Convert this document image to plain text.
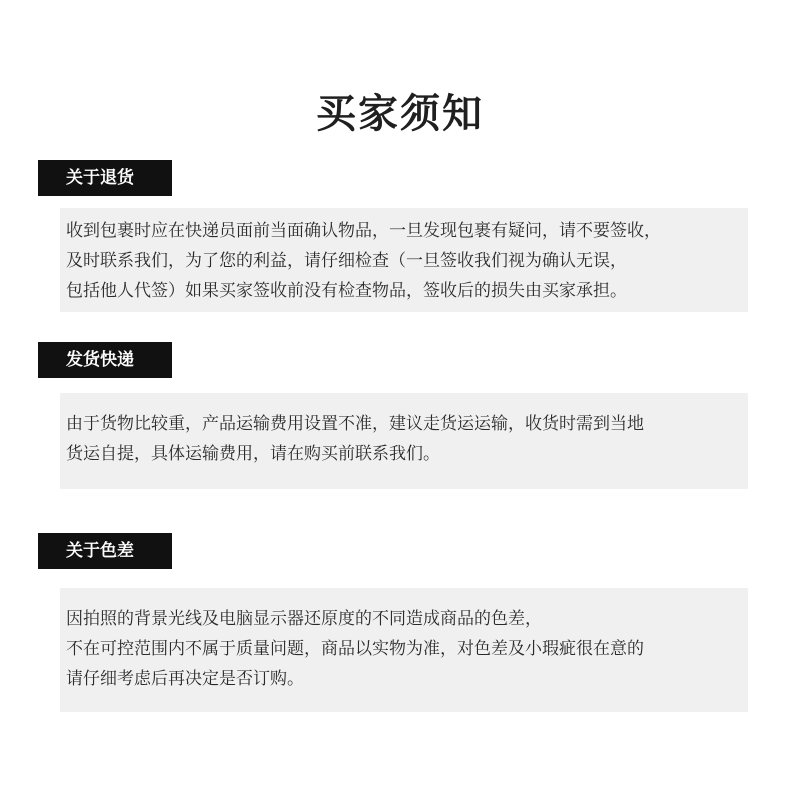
买家须知
关于退货
收到包裹时应在快递员面前当面确认物品，一旦发现包裹有疑问，请不要签收，
及时联系我们，为了您的利益，请仔细检查（一旦签收我们视为确认无误，
包括他人代签）如果买家签收前没有检查物品，签收后的损失由买家承担。
发货快递
由于货物比较重，产品运输费用设置不准，建议走货运运输，收货时需到当地
货运自提，具体运输费用，请在购买前联系我们。
关于色差
因拍照的背景光线及电脑显示器还原度的不同造成商品的色差，
不在可控范围内不属于质量问题，商品以实物为准，对色差及小瑕疵很在意的
请仔细考虑后再决定是否订购。
